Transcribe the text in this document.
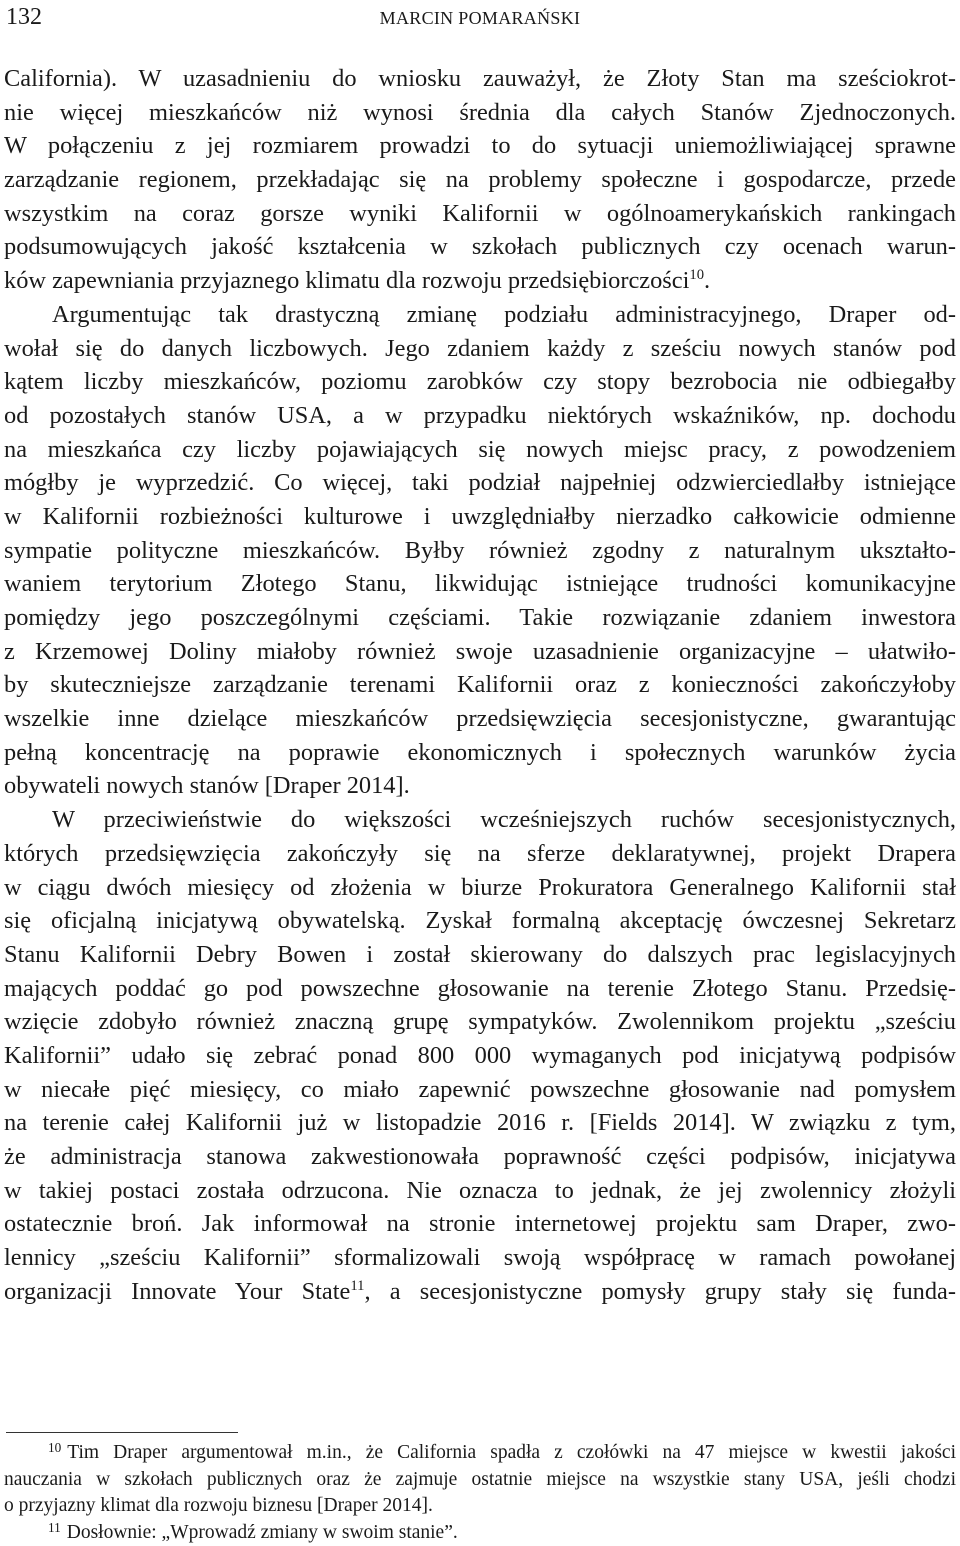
132	MARCIN POMARAŃSKI
California). W uzasadnieniu do wniosku zauważył, że Złoty Stan ma sześciokrot-
nie więcej mieszkańców niż wynosi średnia dla całych Stanów Zjednoczonych.
W połączeniu z jej rozmiarem prowadzi to do sytuacji uniemożliwiającej sprawne
zarządzanie regionem, przekładając się na problemy społeczne i gospodarcze, przede
wszystkim na coraz gorsze wyniki Kalifornii w ogólnoamerykańskich rankingach
podsumowujących jakość kształcenia w szkołach publicznych czy ocenach warun-
ków zapewniania przyjaznego klimatu dla rozwoju przedsiębiorczości$^{10}$.
Argumentując tak drastyczną zmianę podziału administracyjnego, Draper od-
wołał się do danych liczbowych. Jego zdaniem każdy z sześciu nowych stanów pod
kątem liczby mieszkańców, poziomu zarobków czy stopy bezrobocia nie odbiegałby
od pozostałych stanów USA, a w przypadku niektórych wskaźników, np. dochodu
na mieszkańca czy liczby pojawiających się nowych miejsc pracy, z powodzeniem
mógłby je wyprzedzić. Co więcej, taki podział najpełniej odzwierciedlałby istniejące
w Kalifornii rozbieżności kulturowe i uwzględniałby nierzadko całkowicie odmienne
sympatie polityczne mieszkańców. Byłby również zgodny z naturalnym ukształto-
waniem terytorium Złotego Stanu, likwidując istniejące trudności komunikacyjne
pomiędzy jego poszczególnymi częściami. Takie rozwiązanie zdaniem inwestora
z Krzemowej Doliny miałoby również swoje uzasadnienie organizacyjne – ułatwiło-
by skuteczniejsze zarządzanie terenami Kalifornii oraz z konieczności zakończyłoby
wszelkie inne dzielące mieszkańców przedsięwzięcia secesjonistyczne, gwarantując
pełną koncentrację na poprawie ekonomicznych i społecznych warunków życia
obywateli nowych stanów [Draper 2014].
W przeciwieństwie do większości wcześniejszych ruchów secesjonistycznych,
których przedsięwzięcia zakończyły się na sferze deklaratywnej, projekt Drapera
w ciągu dwóch miesięcy od złożenia w biurze Prokuratora Generalnego Kalifornii stał
się oficjalną inicjatywą obywatelską. Zyskał formalną akceptację ówczesnej Sekretarz
Stanu Kalifornii Debry Bowen i został skierowany do dalszych prac legislacyjnych
mających poddać go pod powszechne głosowanie na terenie Złotego Stanu. Przedsię-
wzięcie zdobyło również znaczną grupę sympatyków. Zwolennikom projektu „sześciu
Kalifornii” udało się zebrać ponad 800 000 wymaganych pod inicjatywą podpisów
w niecałe pięć miesięcy, co miało zapewnić powszechne głosowanie nad pomysłem
na terenie całej Kalifornii już w listopadzie 2016 r. [Fields 2014]. W związku z tym,
że administracja stanowa zakwestionowała poprawność części podpisów, inicjatywa
w takiej postaci została odrzucona. Nie oznacza to jednak, że jej zwolennicy złożyli
ostatecznie broń. Jak informował na stronie internetowej projektu sam Draper, zwo-
lennicy „sześciu Kalifornii” sformalizowali swoją współpracę w ramach powołanej
organizacji Innovate Your State$^{11}$, a secesjonistyczne pomysły grupy stały się funda-
$^{10}$ Tim Draper argumentował m.in., że California spadła z czołówki na 47 miejsce w kwestii jakości
nauczania w szkołach publicznych oraz że zajmuje ostatnie miejsce na wszystkie stany USA, jeśli chodzi
o przyjazny klimat dla rozwoju biznesu [Draper 2014].
$^{11}$ Dosłownie: „Wprowadź zmiany w swoim stanie”.
